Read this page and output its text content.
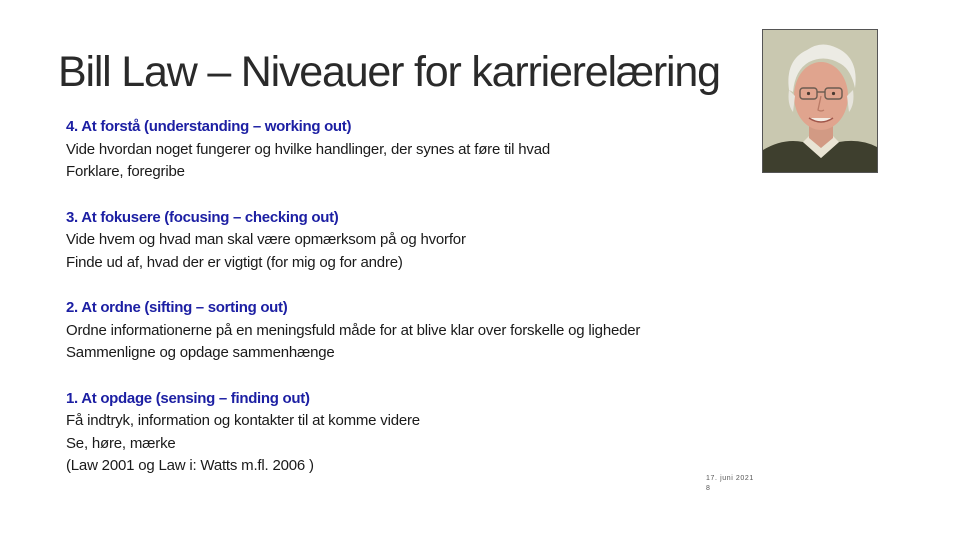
Bill Law – Niveauer for karrierelæring
4. At forstå (understanding – working out)
Vide hvordan noget fungerer og hvilke handlinger, der synes at føre til hvad
Forklare, foregribe
3. At fokusere (focusing – checking out)
Vide hvem og hvad man skal være opmærksom på og hvorfor
Finde ud af, hvad der er vigtigt (for mig og for andre)
2. At ordne (sifting – sorting out)
Ordne informationerne på en meningsfuld måde for at blive klar over forskelle og ligheder
Sammenligne og opdage sammenhænge
1. At opdage (sensing – finding out)
Få indtryk, information og kontakter til at komme videre
Se, høre, mærke
(Law 2001 og Law i: Watts m.fl. 2006 )
17. juni 2021
8
